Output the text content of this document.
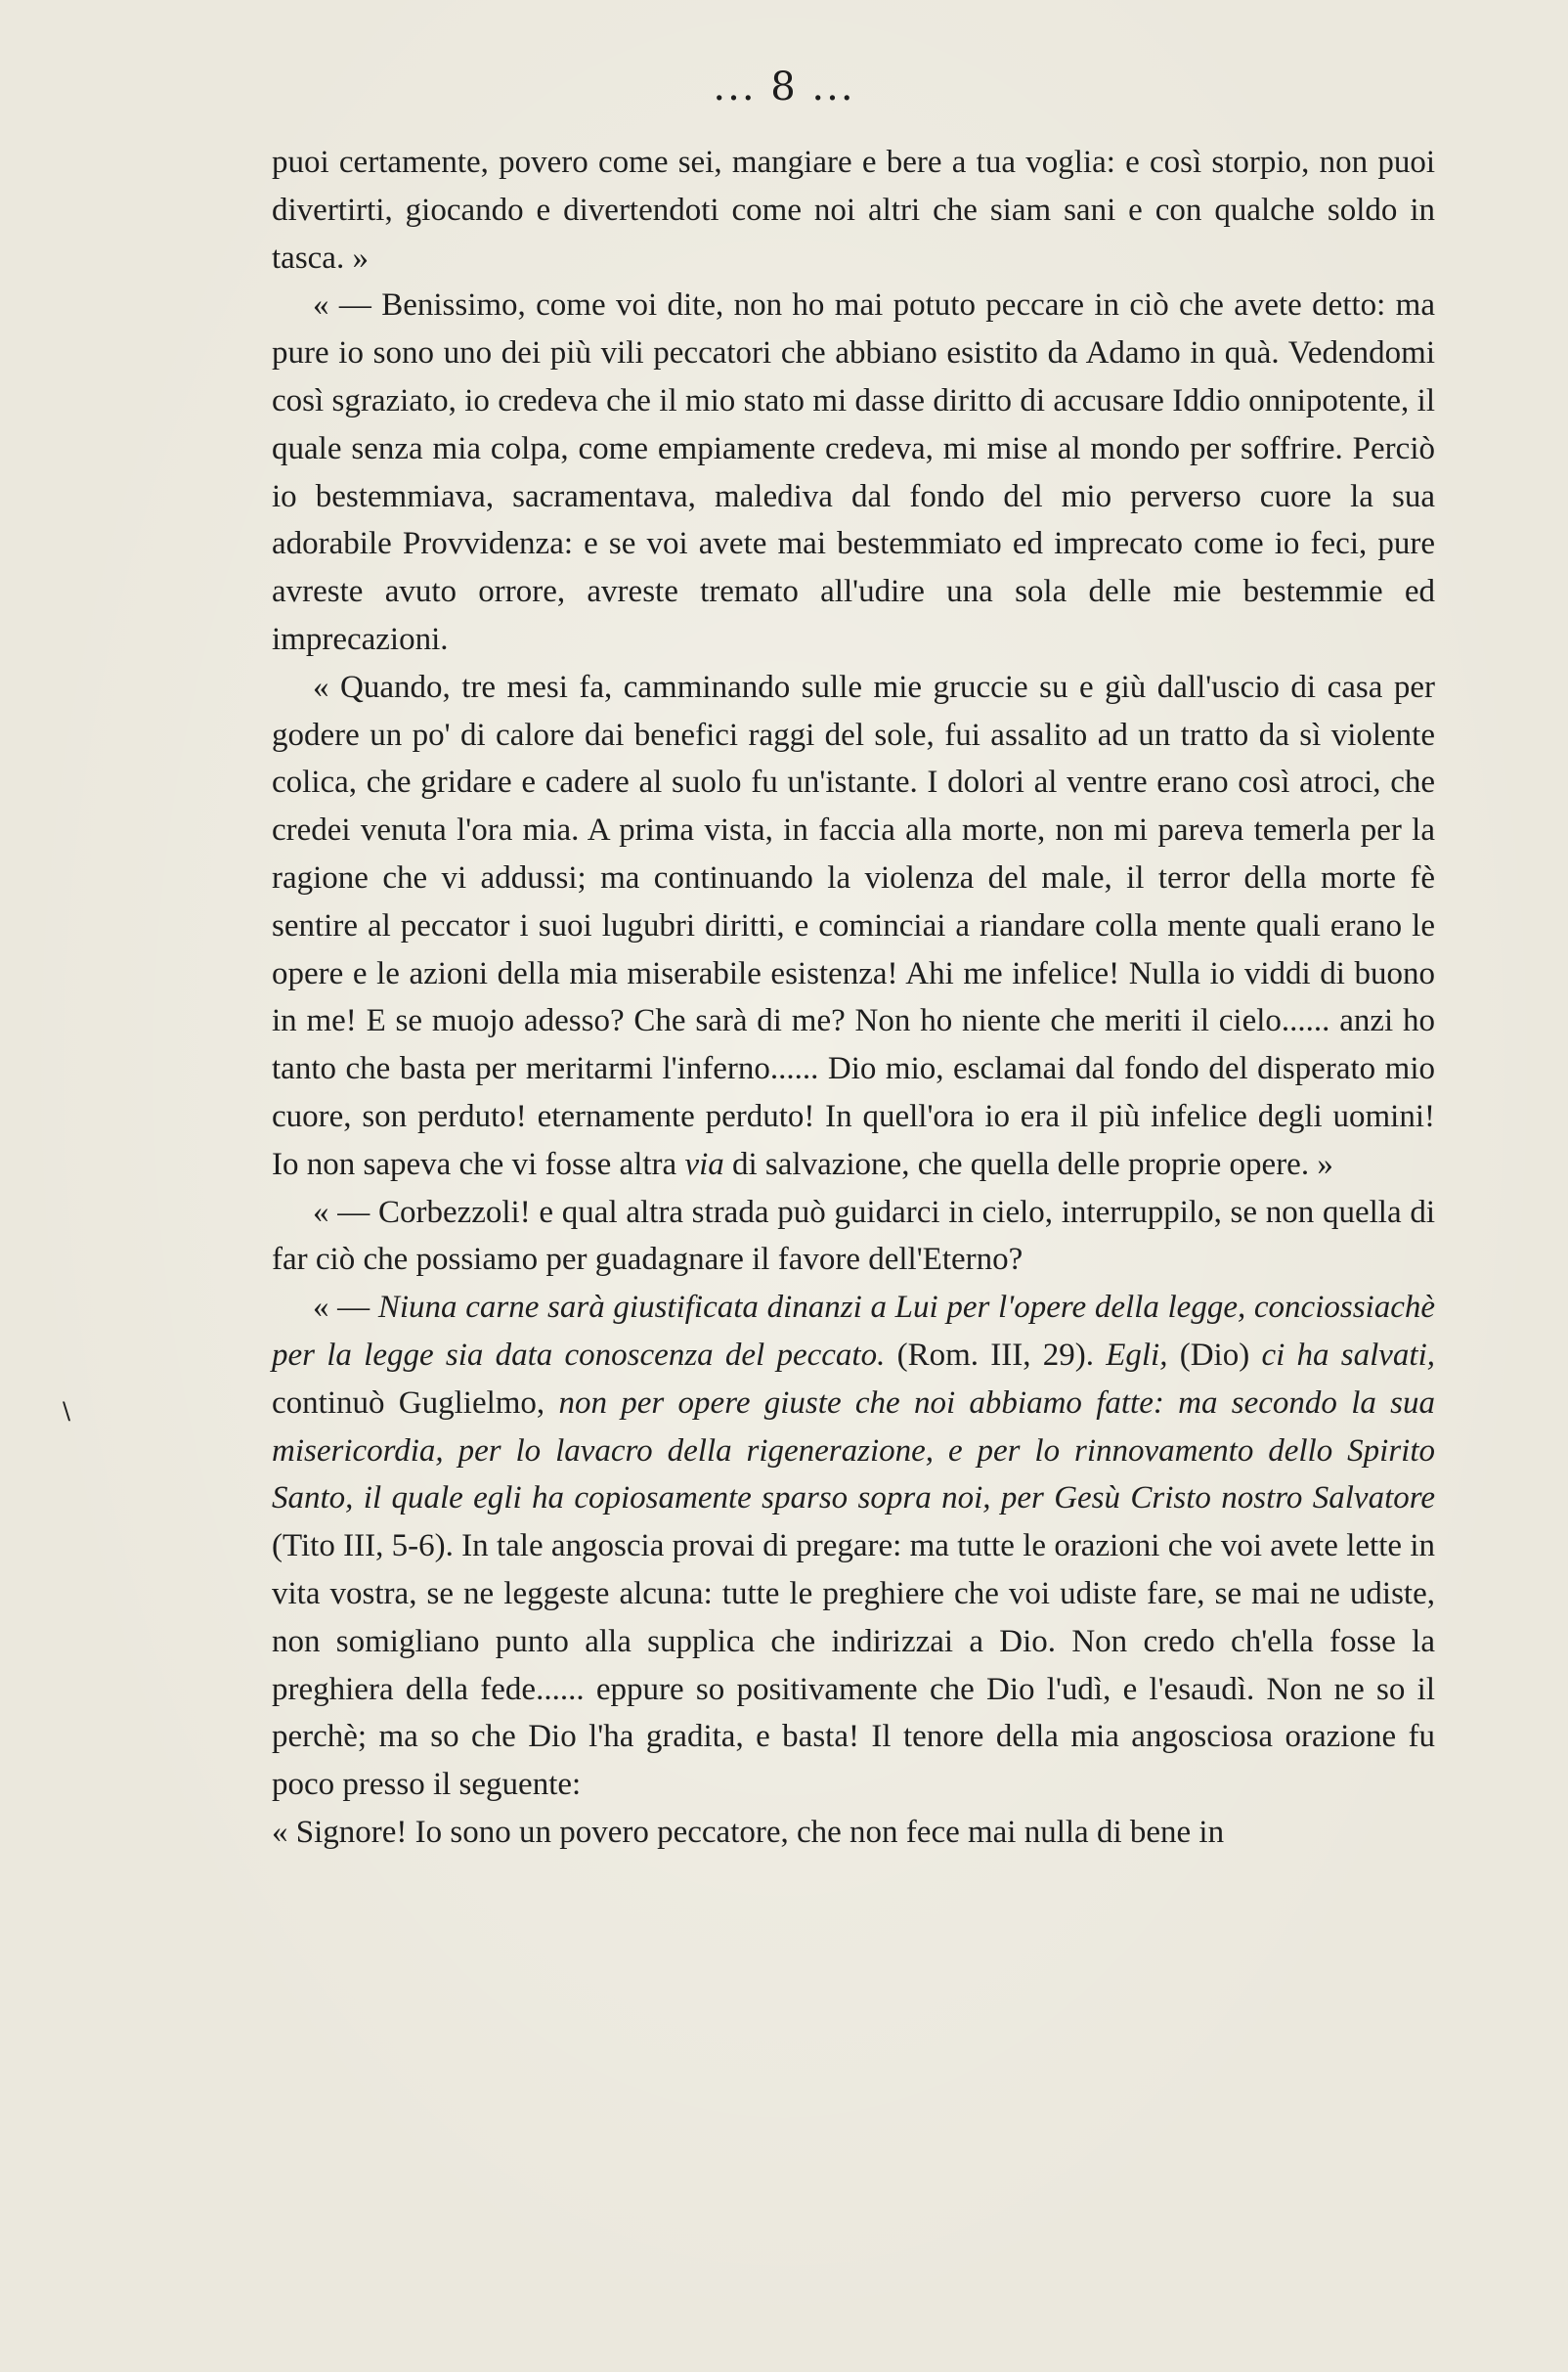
... 8 ...

puoi certamente, povero come sei, mangiare e bere a tua voglia: e così storpio, non puoi divertirti, giocando e divertendoti come noi altri che siam sani e con qualche soldo in tasca. »

« — Benissimo, come voi dite, non ho mai potuto peccare in ciò che avete detto: ma pure io sono uno dei più vili peccatori che abbiano esistito da Adamo in quà. Vedendomi così sgraziato, io credeva che il mio stato mi dasse diritto di accusare Iddio onnipotente, il quale senza mia colpa, come empiamente credeva, mi mise al mondo per soffrire. Perciò io bestemmiava, sacramentava, malediva dal fondo del mio perverso cuore la sua adorabile Provvidenza: e se voi avete mai bestemmiato ed imprecato come io feci, pure avreste avuto orrore, avreste tremato all'udire una sola delle mie bestemmie ed imprecazioni.

« Quando, tre mesi fa, camminando sulle mie gruccie su e giù dall'uscio di casa per godere un po' di calore dai benefici raggi del sole, fui assalito ad un tratto da sì violente colica, che gridare e cadere al suolo fu un'istante. I dolori al ventre erano così atroci, che credei venuta l'ora mia. A prima vista, in faccia alla morte, non mi pareva temerla per la ragione che vi addussi; ma continuando la violenza del male, il terror della morte fè sentire al peccator i suoi lugubri diritti, e cominciai a riandare colla mente quali erano le opere e le azioni della mia miserabile esistenza! Ahi me infelice! Nulla io viddi di buono in me! E se muojo adesso? Che sarà di me? Non ho niente che meriti il cielo...... anzi ho tanto che basta per meritarmi l'inferno...... Dio mio, esclamai dal fondo del disperato mio cuore, son perduto! eternamente perduto! In quell'ora io era il più infelice degli uomini! Io non sapeva che vi fosse altra via di salvazione, che quella delle proprie opere. »

« — Corbezzoli! e qual altra strada può guidarci in cielo, interruppilo, se non quella di far ciò che possiamo per guadagnare il favore dell'Eterno?

« — Niuna carne sarà giustificata dinanzi a Lui per l'opere della legge, conciossiachè per la legge sia data conoscenza del peccato. (Rom. III, 29). Egli, (Dio) ci ha salvati, continuò Guglielmo, non per opere giuste che noi abbiamo fatte: ma secondo la sua misericordia, per lo lavacro della rigenerazione, e per lo rinnovamento dello Spirito Santo, il quale egli ha copiosamente sparso sopra noi, per Gesù Cristo nostro Salvatore (Tito III, 5-6). In tale angoscia provai di pregare: ma tutte le orazioni che voi avete lette in vita vostra, se ne leggeste alcuna: tutte le preghiere che voi udiste fare, se mai ne udiste, non somigliano punto alla supplica che indirizzai a Dio. Non credo ch'ella fosse la preghiera della fede...... eppure so positivamente che Dio l'udì, e l'esaudì. Non ne so il perchè; ma so che Dio l'ha gradita, e basta! Il tenore della mia angosciosa orazione fu poco presso il seguente:

« Signore! Io sono un povero peccatore, che non fece mai nulla di bene in

\
